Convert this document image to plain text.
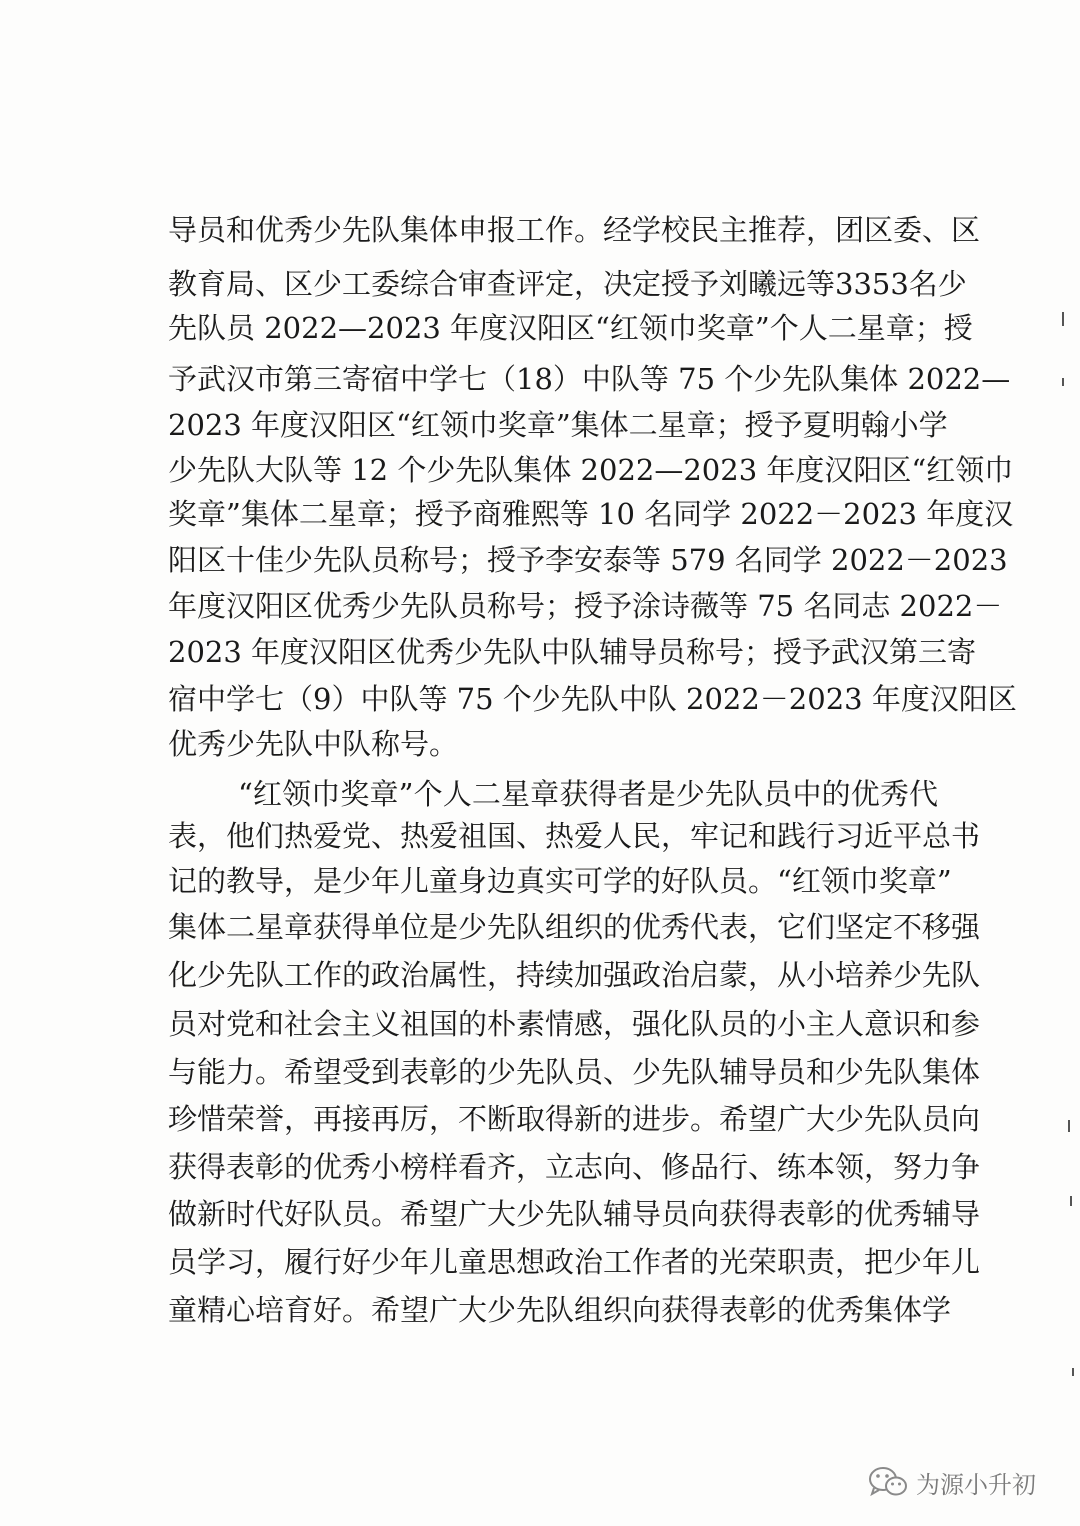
导员和优秀少先队集体申报工作。经学校民主推荐，团区委、区
教育局、区少工委综合审查评定，决定授予刘曦远等3353名少
先队员 2022—2023 年度汉阳区“红领巾奖章”个人二星章；授
予武汉市第三寄宿中学七（18）中队等 75 个少先队集体 2022—
2023 年度汉阳区“红领巾奖章”集体二星章；授予夏明翰小学
少先队大队等 12 个少先队集体 2022—2023 年度汉阳区“红领巾
奖章”集体二星章；授予商雅熙等 10 名同学 2022－2023 年度汉
阳区十佳少先队员称号；授予李安泰等 579 名同学 2022－2023
年度汉阳区优秀少先队员称号；授予涂诗薇等 75 名同志 2022－
2023 年度汉阳区优秀少先队中队辅导员称号；授予武汉第三寄
宿中学七（9）中队等 75 个少先队中队 2022－2023 年度汉阳区
优秀少先队中队称号。
“红领巾奖章”个人二星章获得者是少先队员中的优秀代
表，他们热爱党、热爱祖国、热爱人民，牢记和践行习近平总书
记的教导，是少年儿童身边真实可学的好队员。“红领巾奖章”
集体二星章获得单位是少先队组织的优秀代表，它们坚定不移强
化少先队工作的政治属性，持续加强政治启蒙，从小培养少先队
员对党和社会主义祖国的朴素情感，强化队员的小主人意识和参
与能力。希望受到表彰的少先队员、少先队辅导员和少先队集体
珍惜荣誉，再接再厉，不断取得新的进步。希望广大少先队员向
获得表彰的优秀小榜样看齐，立志向、修品行、练本领，努力争
做新时代好队员。希望广大少先队辅导员向获得表彰的优秀辅导
员学习，履行好少年儿童思想政治工作者的光荣职责，把少年儿
童精心培育好。希望广大少先队组织向获得表彰的优秀集体学
为源小升初
